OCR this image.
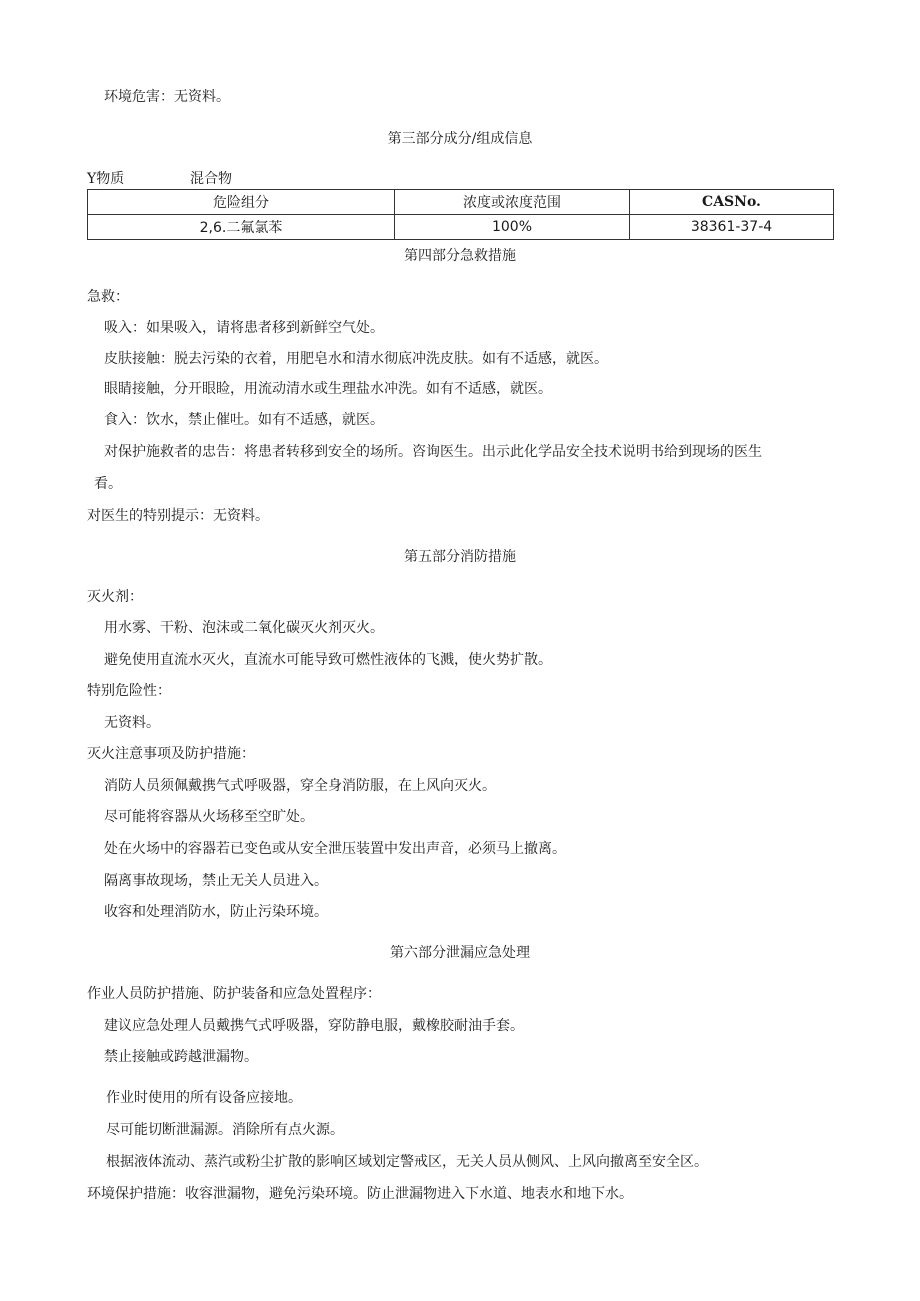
环境危害：无资料。
第三部分成分/组成信息
Y物质	混合物
危险组分	浓度或浓度范围	CASNo.
2,6.二氟氯苯	100%	38361-37-4
第四部分急救措施
急救：
吸入：如果吸入，请将患者移到新鲜空气处。
皮肤接触：脱去污染的衣着，用肥皂水和清水彻底冲洗皮肤。如有不适感，就医。
眼睛接触，分开眼睑，用流动清水或生理盐水冲洗。如有不适感，就医。
食入：饮水，禁止催吐。如有不适感，就医。
对保护施救者的忠告：将患者转移到安全的场所。咨询医生。出示此化学品安全技术说明书给到现场的医生
看。
对医生的特别提示：无资料。
第五部分消防措施
灭火剂：
用水雾、干粉、泡沫或二氧化碳灭火剂灭火。
避免使用直流水灭火，直流水可能导致可燃性液体的飞溅，使火势扩散。
特别危险性：
无资料。
灭火注意事项及防护措施：
消防人员须佩戴携气式呼吸器，穿全身消防服，在上风向灭火。
尽可能将容器从火场移至空旷处。
处在火场中的容器若已变色或从安全泄压装置中发出声音，必须马上撤离。
隔离事故现场，禁止无关人员进入。
收容和处理消防水，防止污染环境。
第六部分泄漏应急处理
作业人员防护措施、防护装备和应急处置程序：
建议应急处理人员戴携气式呼吸器，穿防静电服，戴橡胶耐油手套。
禁止接触或跨越泄漏物。
作业时使用的所有设备应接地。
尽可能切断泄漏源。消除所有点火源。
根据液体流动、蒸汽或粉尘扩散的影响区域划定警戒区，无关人员从侧风、上风向撤离至安全区。
环境保护措施：收容泄漏物，避免污染环境。防止泄漏物进入下水道、地表水和地下水。
